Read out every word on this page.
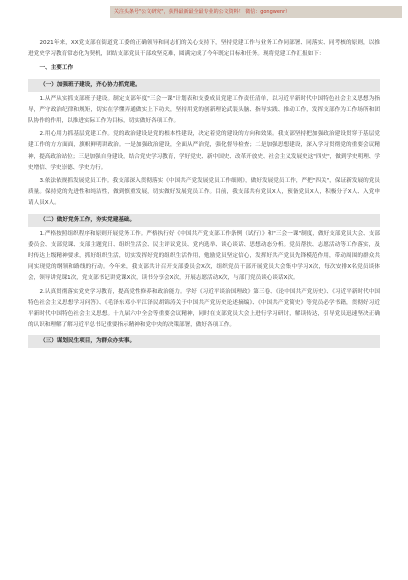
关注头条号"公文研究"，获得最新最全最专业的公文资料！ 微信：gongwenr）

2021年来，XX党支部在街道党工委的正确领导和同志们的关心支持下，坚持党建工作与业务工作同部署、同落实、同考核的原则，以推进党史学习教育常态化为契机，团结支部党员干部攻坚克难，圆满完成了今年既定目标和任务。现将党建工作汇报如下：

一、主要工作
（一）加强班子建设，齐心协力抓党建。

1.从严从实抓支部班子建设。制定支部年度"三会一课"计划表和支委成员党建工作责任清单，以习近平新时代中国特色社会主义思想为指导，严守政治纪律和规矩，切实在学懂弄通做实上下功夫，坚持用党的创新理论武装头脑、指导实践、推动工作，发挥支部作为工作场所和团队协作的作用，以推进实际工作为目标，切实做好各项工作。

2.用心用力抓基层党建工作。党的政治建设是党的根本性建设，决定着党的建设的方向和效果。我支部坚持把加强政治建设贯穿于基层党建工作的方方面面，旗帜鲜明讲政治。一是加强政治建设，全面从严治党，强化督导检查；二是加强思想建设，深入学习贯彻党的重要会议精神，提高政治站位；三是加强自身建设，结合党史学习教育，学好党史、新中国史、改革开放史、社会主义发展史这"四史"，做到学史明理、学史增信、学史崇德、学史力行。

3.依法依规抓发展党员工作。我支部深入贯彻落实《中国共产党发展党员工作细则》，做好发展党员工作，严把"四关"，保证新发展的党员质量。保持党的先进性和纯洁性，做到慎重发展，切实做好发展党员工作。目前，我支部共有党员X人，预备党员X人，积极分子X人、入党申请人员X人。

（二）做好党务工作，夯实党建基础。

1.严格按照组织程序和原则开展党务工作。严格执行好《中国共产党支部工作条例（试行）》和"三会一课"制度，做好支部党员大会、支部委员会、支部党课、支部主题党日、组织生活会、民主评议党员、党内选举、谈心谈话、思想动态分析。党员帮扶、志愿活动等工作落实，及时传达上级精神要求，抓好组织生活，切实发挥好党的组织生活作用，勉励党员坚定信心，发挥好共产党员先锋模范作用，带动周围的群众共同实现党的纲领和路线的行动。今年来，我支部共计召开支部委员会X次，组织党员干部开展党员大会集中学习X次，每次安排X名党员谈体会，领导讲党课1次，党支部书记讲党课X次，读书分享会X次，开展志愿活动X次，与部门党员谈心谈话X次。

2.认真贯彻落实党史学习教育，提高党性修养和政治能力。学好《习近平谈治国理政》第三卷、《论中国共产党历史》、《习近平新时代中国特色社会主义思想学习问答》、《毛泽东邓小平江泽民胡锦涛关于中国共产党历史论述摘编》、《中国共产党简史》等党员必学书籍，贯彻好习近平新时代中国特色社会主义思想。十九届六中全会等重要会议精神，同时在支部党员大会上进行学习研讨，解读传达，引导党员迅速坚决正确的认识和理解了解习近平总书记重要指示精神和党中央的决策部署，做好各项工作。

（三）谋划民生项目，为群众办实事。
